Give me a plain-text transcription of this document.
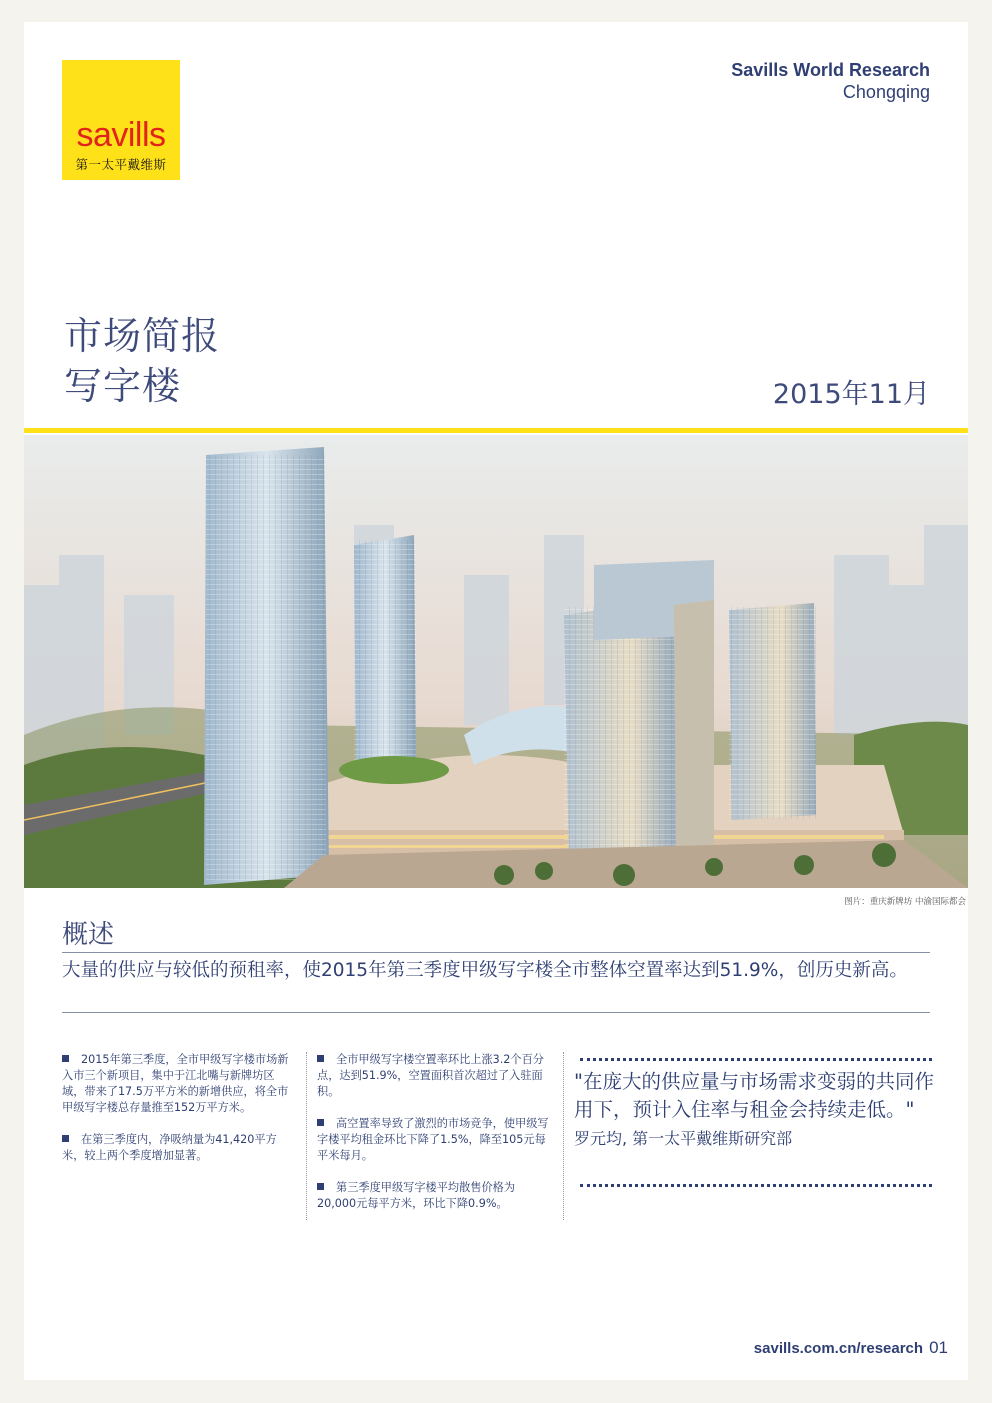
savills
第一太平戴维斯
Savills World Research
Chongqing
市场简报
写字楼	2015年11月
图片：重庆新牌坊 中渝国际都会
概述
大量的供应与较低的预租率，使2015年第三季度甲级写字楼全市整体空置率达到51.9%，创历史新高。

2015年第三季度，全市甲级写字楼市场新入市三个新项目，集中于江北嘴与新牌坊区域，带来了17.5万平方米的新增供应，将全市甲级写字楼总存量推至152万平方米。

在第三季度内，净吸纳量为41,420平方米，较上两个季度增加显著。

全市甲级写字楼空置率环比上涨3.2个百分点，达到51.9%，空置面积首次超过了入驻面积。

高空置率导致了激烈的市场竞争，使甲级写字楼平均租金环比下降了1.5%，降至105元每平米每月。

第三季度甲级写字楼平均散售价格为20,000元每平方米，环比下降0.9%。

"在庞大的供应量与市场需求变弱的共同作用下，预计入住率与租金会持续走低。" 罗元均, 第一太平戴维斯研究部
savills.com.cn/research 01
